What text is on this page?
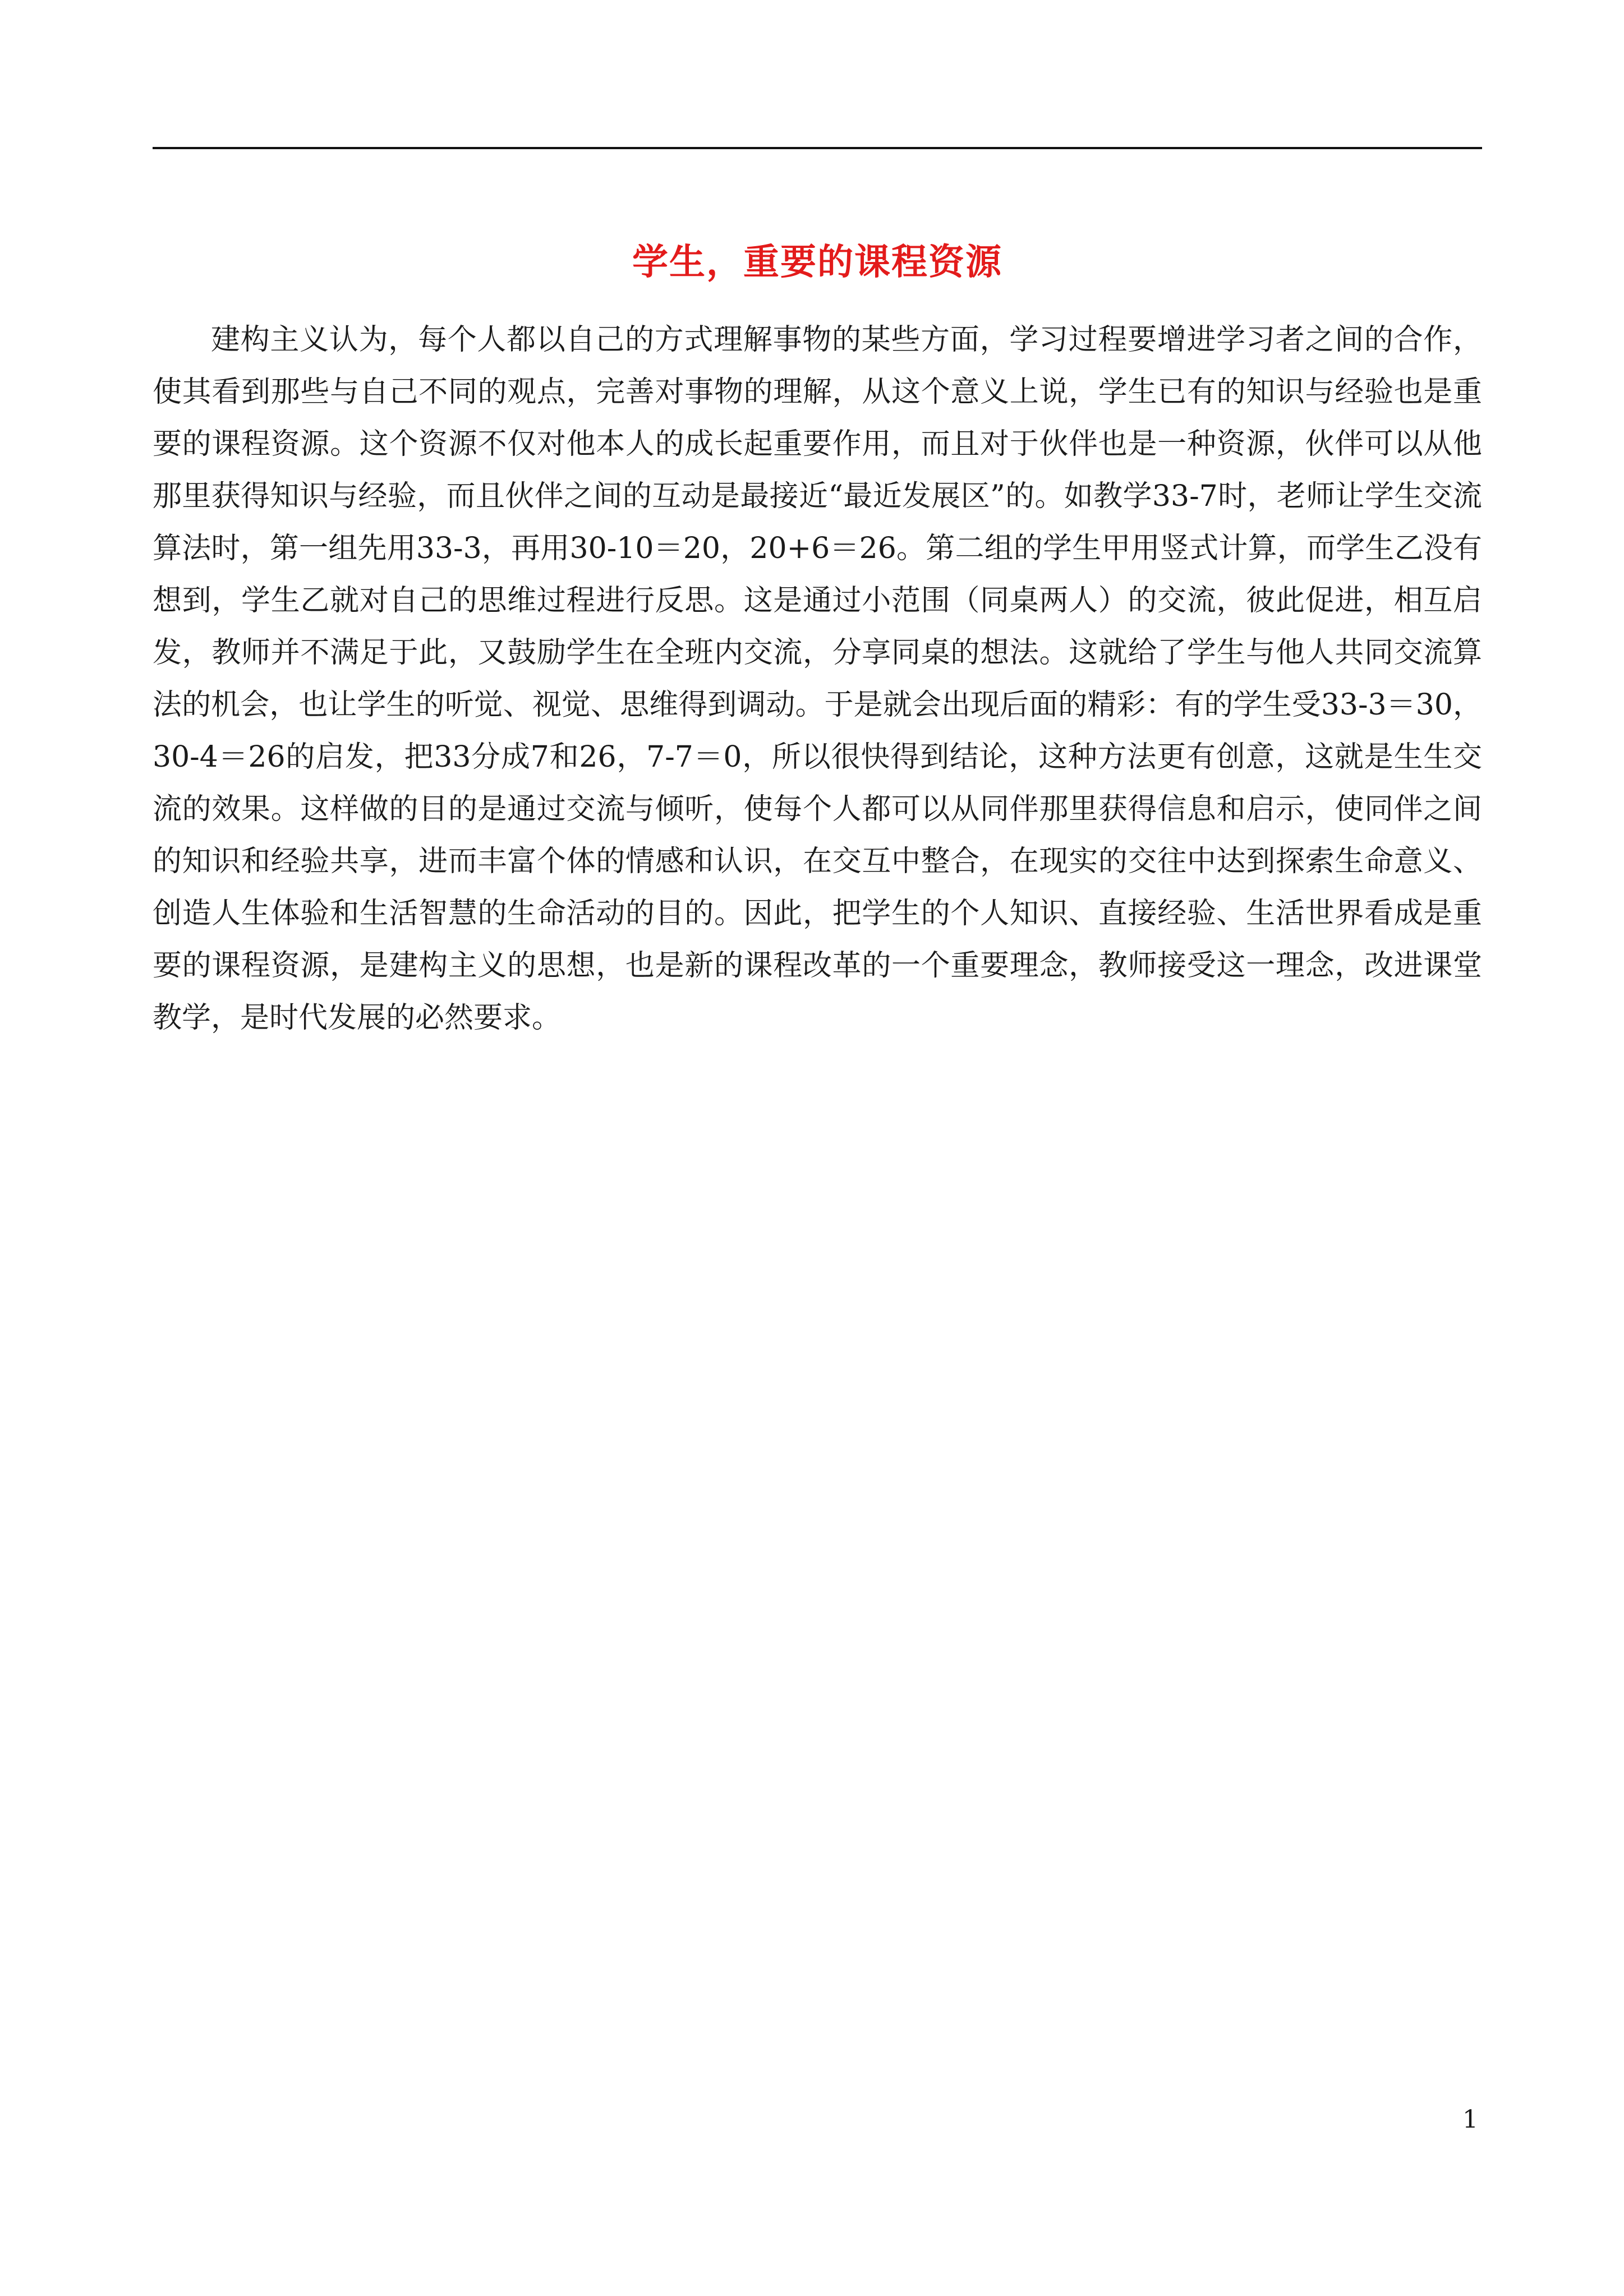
学生，重要的课程资源

建构主义认为，每个人都以自己的方式理解事物的某些方面，学习过程要增进学习者之间的合作，使其看到那些与自己不同的观点，完善对事物的理解，从这个意义上说，学生已有的知识与经验也是重要的课程资源。这个资源不仅对他本人的成长起重要作用，而且对于伙伴也是一种资源，伙伴可以从他那里获得知识与经验，而且伙伴之间的互动是最接近“最近发展区”的。如教学33-7时，老师让学生交流算法时，第一组先用33-3，再用30-10＝20，20+6＝26。第二组的学生甲用竖式计算，而学生乙没有想到，学生乙就对自己的思维过程进行反思。这是通过小范围（同桌两人）的交流，彼此促进，相互启发，教师并不满足于此，又鼓励学生在全班内交流，分享同桌的想法。这就给了学生与他人共同交流算法的机会，也让学生的听觉、视觉、思维得到调动。于是就会出现后面的精彩：有的学生受33-3＝30，30-4＝26的启发，把33分成7和26，7-7＝0，所以很快得到结论，这种方法更有创意，这就是生生交流的效果。这样做的目的是通过交流与倾听，使每个人都可以从同伴那里获得信息和启示，使同伴之间的知识和经验共享，进而丰富个体的情感和认识，在交互中整合，在现实的交往中达到探索生命意义、创造人生体验和生活智慧的生命活动的目的。因此，把学生的个人知识、直接经验、生活世界看成是重要的课程资源，是建构主义的思想，也是新的课程改革的一个重要理念，教师接受这一理念，改进课堂教学，是时代发展的必然要求。

1
